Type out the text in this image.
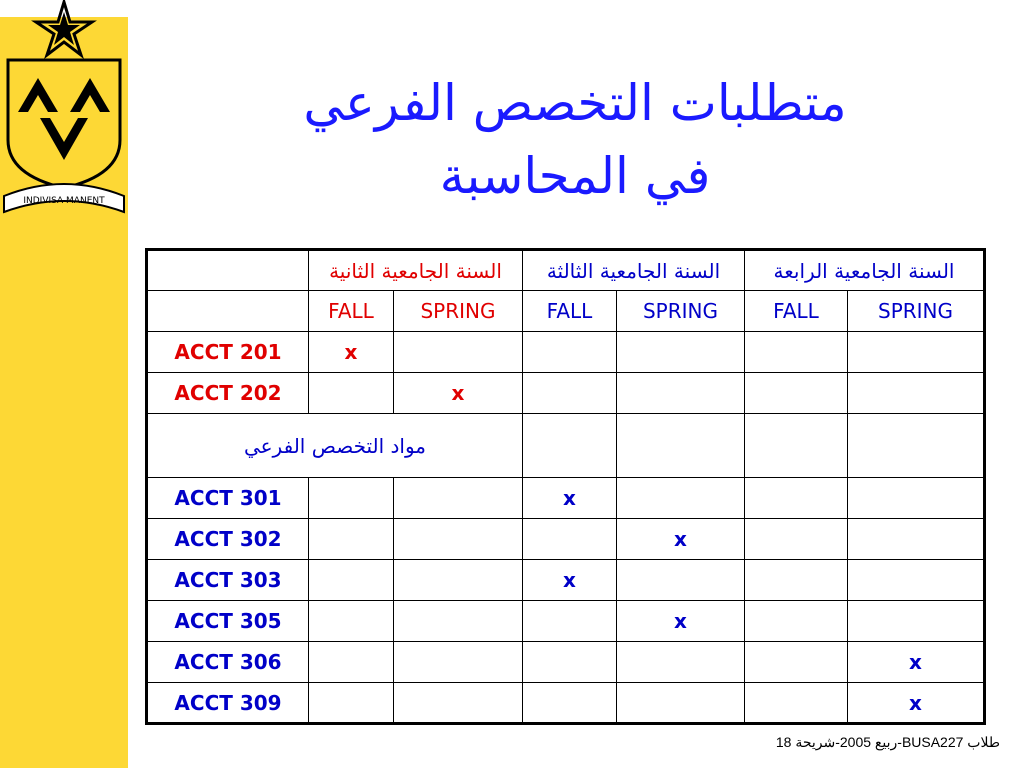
INDIVISA MANENT
متطلبات التخصص الفرعي
في المحاسبة
	السنة الجامعية الثانية		السنة الجامعية الثالثة		السنة الجامعية الرابعة	
	FALL	SPRING	FALL	SPRING	FALL	SPRING
ACCT 201	x					
ACCT 202		x				
مواد التخصص الفرعي						
ACCT 301			x			
ACCT 302				x		
ACCT 303			x			
ACCT 305				x		
ACCT 306						x
ACCT 309						x
طلاب BUSA227-ربيع 2005-شريحة 18
